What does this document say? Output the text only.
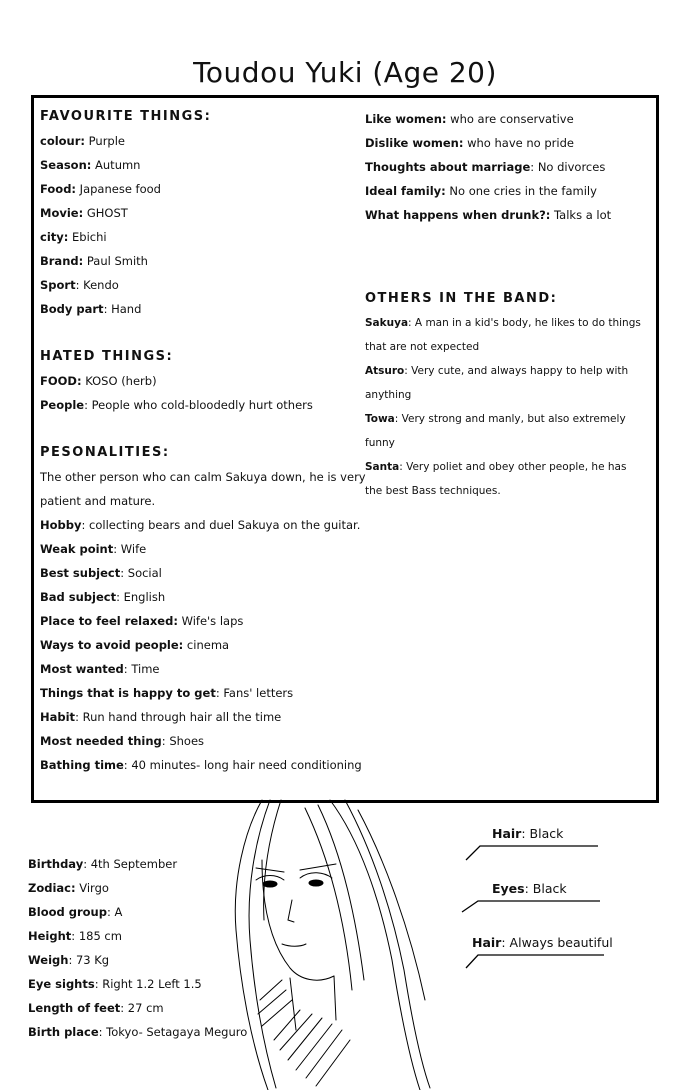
Toudou Yuki (Age 20)
FAVOURITE THINGS:
colour: Purple
Season: Autumn
Food: Japanese food
Movie: GHOST
city: Ebichi
Brand: Paul Smith
Sport: Kendo
Body part: Hand
HATED THINGS:
FOOD: KOSO (herb)
People: People who cold-bloodedly hurt others
PESONALITIES:
The other person who can calm Sakuya down, he is very
patient and mature.
Hobby: collecting bears and duel Sakuya on the guitar.
Weak point: Wife
Best subject: Social
Bad subject: English
Place to feel relaxed: Wife's laps
Ways to avoid people: cinema
Most wanted: Time
Things that is happy to get: Fans' letters
Habit: Run hand through hair all the time
Most needed thing: Shoes
Bathing time: 40 minutes- long hair need conditioning
Like women: who are conservative
Dislike women: who have no pride
Thoughts about marriage: No divorces
Ideal family: No one cries in the family
What happens when drunk?: Talks a lot
OTHERS IN THE BAND:
Sakuya: A man in a kid's body, he likes to do things
that are not expected
Atsuro: Very cute, and always happy to help with
anything
Towa: Very strong and manly, but also extremely
funny
Santa: Very poliet and obey other people, he has
the best Bass techniques.
Birthday: 4th September
Zodiac: Virgo
Blood group: A
Height: 185 cm
Weigh: 73 Kg
Eye sights: Right 1.2 Left 1.5
Length of feet: 27 cm
Birth place: Tokyo- Setagaya Meguro
Hair: Black
Eyes: Black
Hair: Always beautiful
